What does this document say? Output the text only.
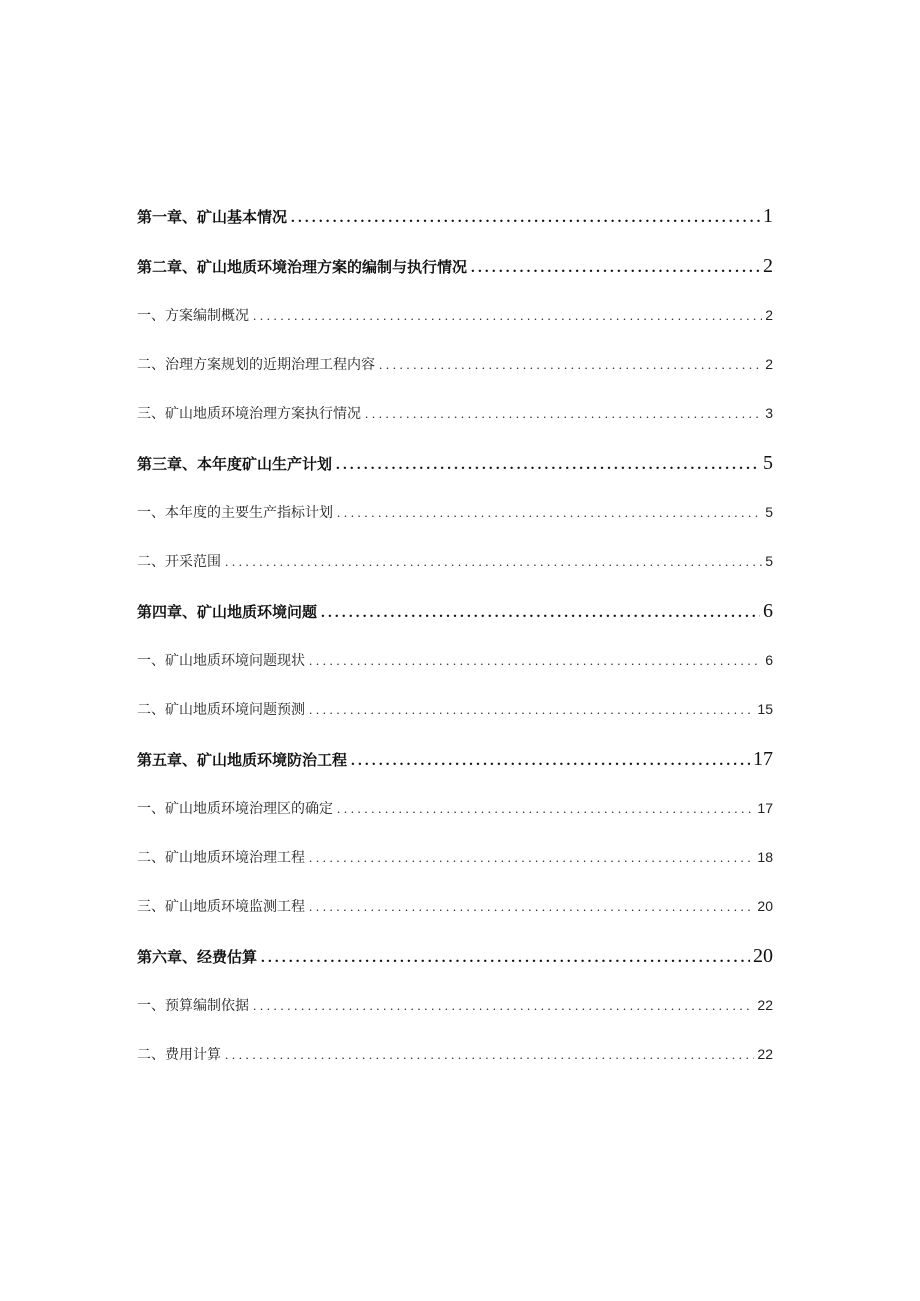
第一章、矿山基本情况 .....	1
第二章、矿山地质环境治理方案的编制与执行情况 .....	2
一、方案编制概况 .....	2
二、治理方案规划的近期治理工程内容 .....	2
三、矿山地质环境治理方案执行情况 .....	3
第三章、本年度矿山生产计划 .....	5
一、本年度的主要生产指标计划 .....	5
二、开采范围 .....	5
第四章、矿山地质环境问题 .....	6
一、矿山地质环境问题现状 .....	6
二、矿山地质环境问题预测 .....	15
第五章、矿山地质环境防治工程 .....	17
一、矿山地质环境治理区的确定 .....	17
二、矿山地质环境治理工程 .....	18
三、矿山地质环境监测工程 .....	20
第六章、经费估算 .....	20
一、预算编制依据 .....	22
二、费用计算 .....	22
